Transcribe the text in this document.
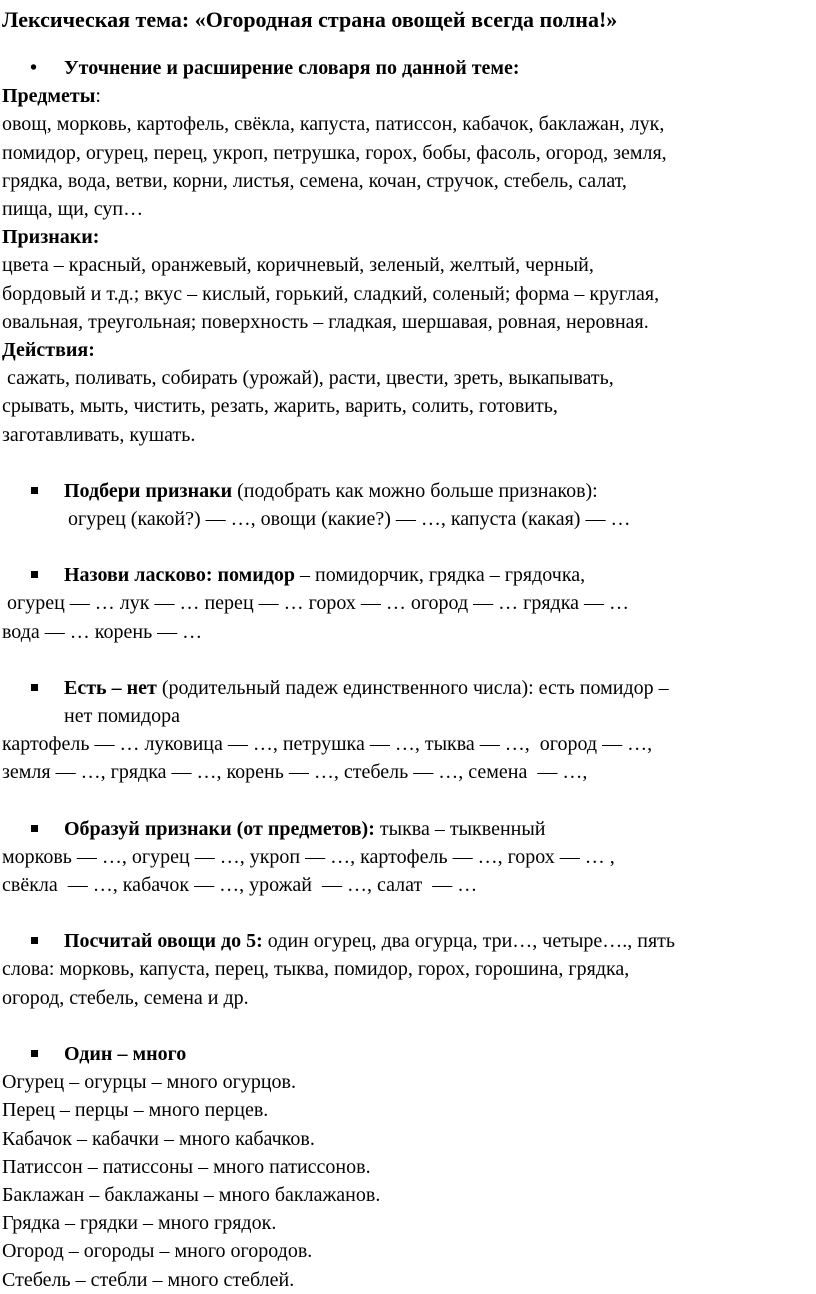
Лексическая тема: «Огородная страна овощей всегда полна!»
• Уточнение и расширение словаря по данной теме:
Предметы:
овощ, морковь, картофель, свёкла, капуста, патиссон, кабачок, баклажан, лук,
помидор, огурец, перец, укроп, петрушка, горох, бобы, фасоль, огород, земля,
грядка, вода, ветви, корни, листья, семена, кочан, стручок, стебель, салат,
пища, щи, суп…
Признаки:
цвета – красный, оранжевый, коричневый, зеленый, желтый, черный,
бордовый и т.д.; вкус – кислый, горький, сладкий, соленый; форма – круглая,
овальная, треугольная; поверхность – гладкая, шершавая, ровная, неровная.
Действия:
сажать, поливать, собирать (урожай), расти, цвести, зреть, выкапывать,
срывать, мыть, чистить, резать, жарить, варить, солить, готовить,
заготавливать, кушать.
Подбери признаки (подобрать как можно больше признаков):
огурец (какой?) — …, овощи (какие?) — …, капуста (какая) — …
Назови ласково: помидор – помидорчик, грядка – грядочка,
огурец — … лук — … перец — … горох — … огород — … грядка — …
вода — … корень — …
Есть – нет (родительный падеж единственного числа): есть помидор –
нет помидора
картофель — … луковица — …, петрушка — …, тыква — …,  огород — …,
земля — …, грядка — …, корень — …, стебель — …, семена  — …,
Образуй признаки (от предметов): тыква – тыквенный
морковь — …, огурец — …, укроп — …, картофель — …, горох — … ,
свёкла  — …, кабачок — …, урожай  — …, салат  — …
Посчитай овощи до 5: один огурец, два огурца, три…, четыре…., пять
слова: морковь, капуста, перец, тыква, помидор, горох, горошина, грядка,
огород, стебель, семена и др.
Один – много
Огурец – огурцы – много огурцов.
Перец – перцы – много перцев.
Кабачок – кабачки – много кабачков.
Патиссон – патиссоны – много патиссонов.
Баклажан – баклажаны – много баклажанов.
Грядка – грядки – много грядок.
Огород – огороды – много огородов.
Стебель – стебли – много стеблей.
